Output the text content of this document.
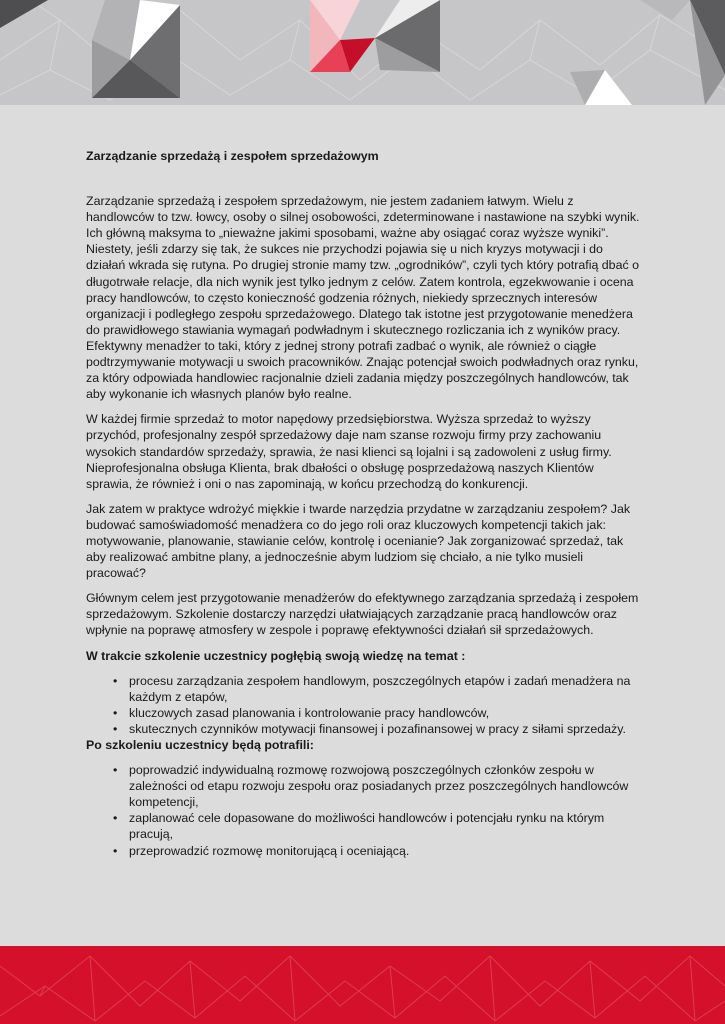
Zarządzanie sprzedażą i zespołem sprzedażowym

Zarządzanie sprzedażą i zespołem sprzedażowym, nie jestem zadaniem łatwym. Wielu z handlowców to tzw. łowcy, osoby o silnej osobowości, zdeterminowane i nastawione na szybki wynik. Ich główną maksyma to „nieważne jakimi sposobami, ważne aby osiągać coraz wyższe wyniki”. Niestety, jeśli zdarzy się tak, że sukces nie przychodzi pojawia się u nich kryzys motywacji i do działań wkrada się rutyna. Po drugiej stronie mamy tzw. „ogrodników”, czyli tych który potrafią dbać o długotrwałe relacje, dla nich wynik jest tylko jednym z celów. Zatem kontrola, egzekwowanie i ocena pracy handlowców, to często konieczność godzenia różnych, niekiedy sprzecznych interesów organizacji i podległego zespołu sprzedażowego. Dlatego tak istotne jest przygotowanie menedżera do prawidłowego stawiania wymagań podwładnym i skutecznego rozliczania ich z wyników pracy. Efektywny menadżer to taki, który z jednej strony potrafi zadbać o wynik, ale również o ciągłe podtrzymywanie motywacji u swoich pracowników. Znając potencjał swoich podwładnych oraz rynku, za który odpowiada handlowiec racjonalnie dzieli zadania między poszczególnych handlowców, tak aby wykonanie ich własnych planów było realne.

W każdej firmie sprzedaż to motor napędowy przedsiębiorstwa. Wyższa sprzedaż to wyższy przychód, profesjonalny zespół sprzedażowy daje nam szanse rozwoju firmy przy zachowaniu wysokich standardów sprzedaży, sprawia, że nasi klienci są lojalni i są zadowoleni z usług firmy. Nieprofesjonalna obsługa Klienta, brak dbałości o obsługę posprzedażową naszych Klientów sprawia, że również i oni o nas zapominają, w końcu przechodzą do konkurencji.

Jak zatem w praktyce wdrożyć miękkie i twarde narzędzia przydatne w zarządzaniu zespołem? Jak budować samoświadomość menadżera co do jego roli oraz kluczowych kompetencji takich jak: motywowanie, planowanie, stawianie celów, kontrolę i ocenianie? Jak zorganizować sprzedaż, tak aby realizować ambitne plany, a jednocześnie abym ludziom się chciało, a nie tylko musieli pracować?

Głównym celem jest przygotowanie menadżerów do efektywnego zarządzania sprzedażą i zespołem sprzedażowym. Szkolenie dostarczy narzędzi ułatwiających zarządzanie pracą handlowców oraz wpłynie na poprawę atmosfery w zespole i poprawę efektywności działań sił sprzedażowych.

W trakcie szkolenie uczestnicy pogłębią swoją wiedzę na temat :
• procesu zarządzania zespołem handlowym, poszczególnych etapów i zadań menadżera na każdym z etapów,
• kluczowych zasad planowania i kontrolowanie pracy handlowców,
• skutecznych czynników motywacji finansowej i pozafinansowej w pracy z siłami sprzedaży.
Po szkoleniu uczestnicy będą potrafili:
• poprowadzić indywidualną rozmowę rozwojową poszczególnych członków zespołu w zależności od etapu rozwoju zespołu oraz posiadanych przez poszczególnych handlowców kompetencji,
• zaplanować cele dopasowane do możliwości handlowców i potencjału rynku na którym pracują,
• przeprowadzić rozmowę monitorującą i oceniającą.
